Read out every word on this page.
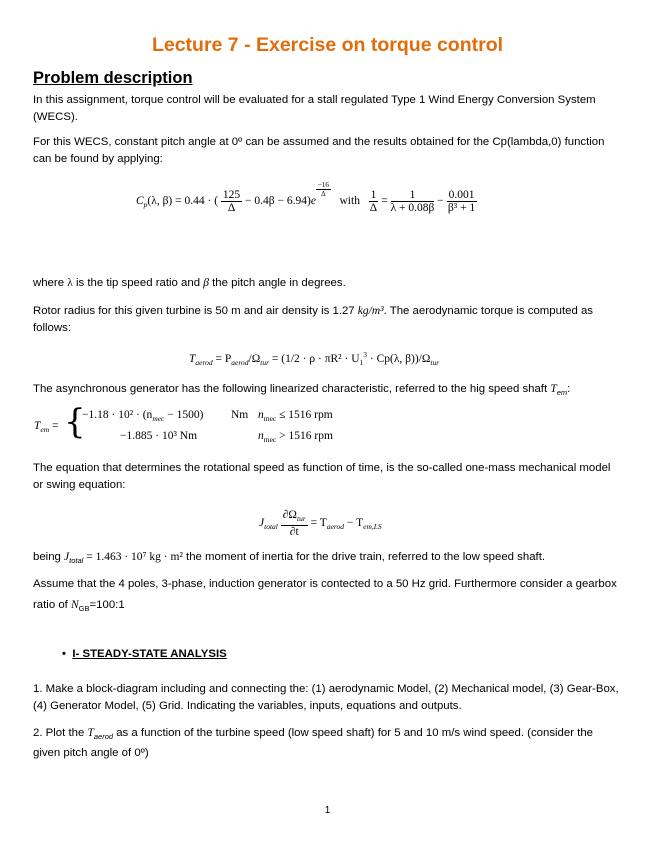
Lecture 7 - Exercise on torque control
Problem description
In this assignment, torque control will be evaluated for a stall regulated Type 1 Wind Energy Conversion System (WECS).
For this WECS, constant pitch angle at 0º can be assumed and the results obtained for the Cp(lambda,0) function can be found by applying:
$C_p(\lambda$, β) = 0.44 · ( $\frac{125}{\Delta} - 0.4\beta - 6.94)e$
$\frac{-16}{\Delta}$
with $\frac{1}{\Delta} = \frac{1}{\lambda + 0.08\beta} - \frac{0.001}{\text{β³ + 1}}$
where λ is the tip speed ratio and β the pitch angle in degrees.
Rotor radius for this given turbine is 50 m and air density is 1.27 kg/m³. The aerodynamic torque is computed as follows:
$T_{aerod} = P_{aerod}/\Omega_{tur} = (1/2 \cdot \rho \cdot \pi R^2 \cdot U_1^3 \cdot Cp(\lambda$, $\beta))/\Omega_{tur}$
The asynchronous generator has the following linearized characteristic, referred to the hig speed shaft $T_{em}$:
$T_{em}$ = {
$-1.18 \cdot 10^2 \cdot (n_{mec} - 1500)$ Nm $n_{mec} \le 1516$ rpm
−1.885 · 10³ Nm	$n_{mec} > 1516$ rpm
The equation that determines the rotational speed as function of time, is the so-called one-mass mechanical model or swing equation:
$J_{total} \frac{\partial\Omega_{tur}}{\partial t} = T_{aerod} - T_{em,LS}$
being $J_{total} = 1.463 \cdot 10^7$ kg · m² the moment of inertia for the drive train, referred to the low speed shaft.
Assume that the 4 poles, 3-phase, induction generator is contected to a 50 Hz grid. Furthermore consider a gearbox ratio of $N_{GB}=100:1$
• I- STEADY-STATE ANALYSIS
1. Make a block-diagram including and connecting the: (1) aerodynamic Model, (2) Mechanical model, (3) Gear-Box, (4) Generator Model, (5) Grid. Indicating the variables, inputs, equations and outputs.
2. Plot the $T_{aerod}$ as a function of the turbine speed (low speed shaft) for 5 and 10 m/s wind speed. (consider the given pitch angle of 0º)
1
